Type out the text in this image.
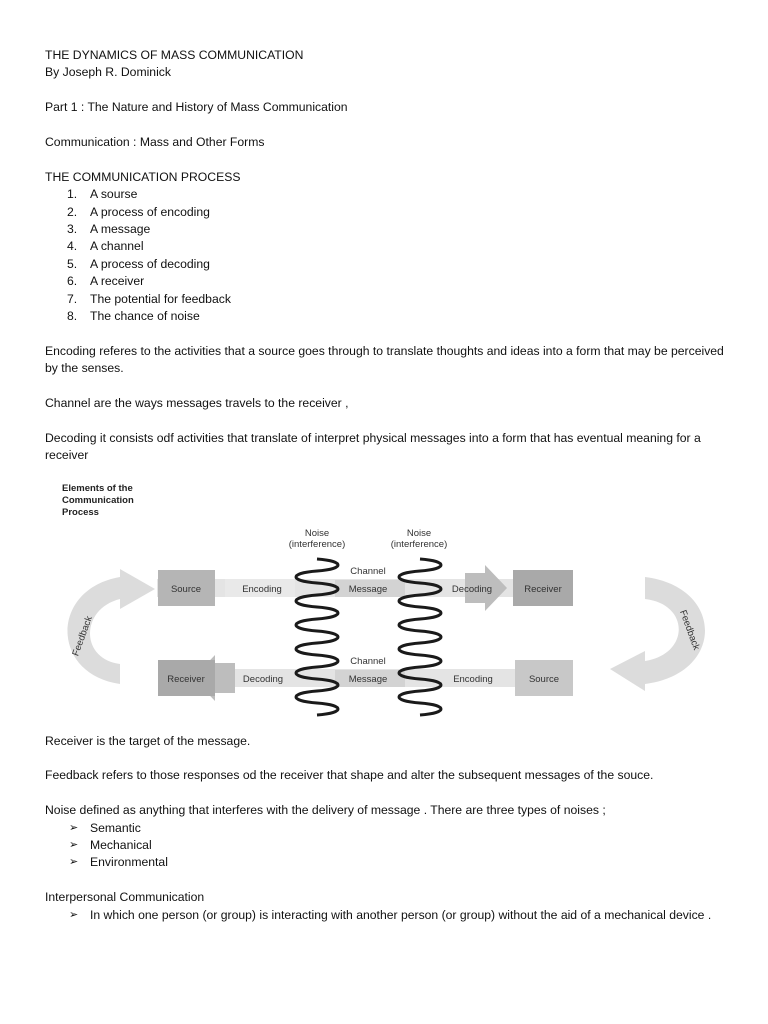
THE DYNAMICS OF MASS COMMUNICATION

By Joseph R. Dominick

Part 1 : The Nature and History of Mass Communication

Communication : Mass and Other Forms

THE COMMUNICATION PROCESS

1. A sourse
2. A process of encoding
3. A message
4. A channel
5. A process of decoding
6. A receiver
7. The potential for feedback
8. The chance of noise

Encoding referes to the activities that a source goes through to translate thoughts and ideas into a form that may be perceived by the senses.

Channel are the ways messages travels to the receiver ,

Decoding it consists odf activities that translate of interpret physical messages into a form that has eventual meaning for a receiver

Elements of the
Communication
Process
Noise
(interference)
Noise
(interference)
Source	Encoding
Channel
Message	Decoding	Receiver
Receiver	Decoding
Channel
Message	Encoding	Source
Feedback	Feedback

Receiver is the target of the message.

Feedback refers to those responses od the receiver that shape and alter the subsequent messages of the souce.

Noise defined as anything that interferes with the delivery of message . There are three types of noises ;

➢ Semantic
➢ Mechanical
➢ Environmental

Interpersonal Communication

➢ In which one person (or group) is interacting with another person (or group) without the aid of a mechanical device .
